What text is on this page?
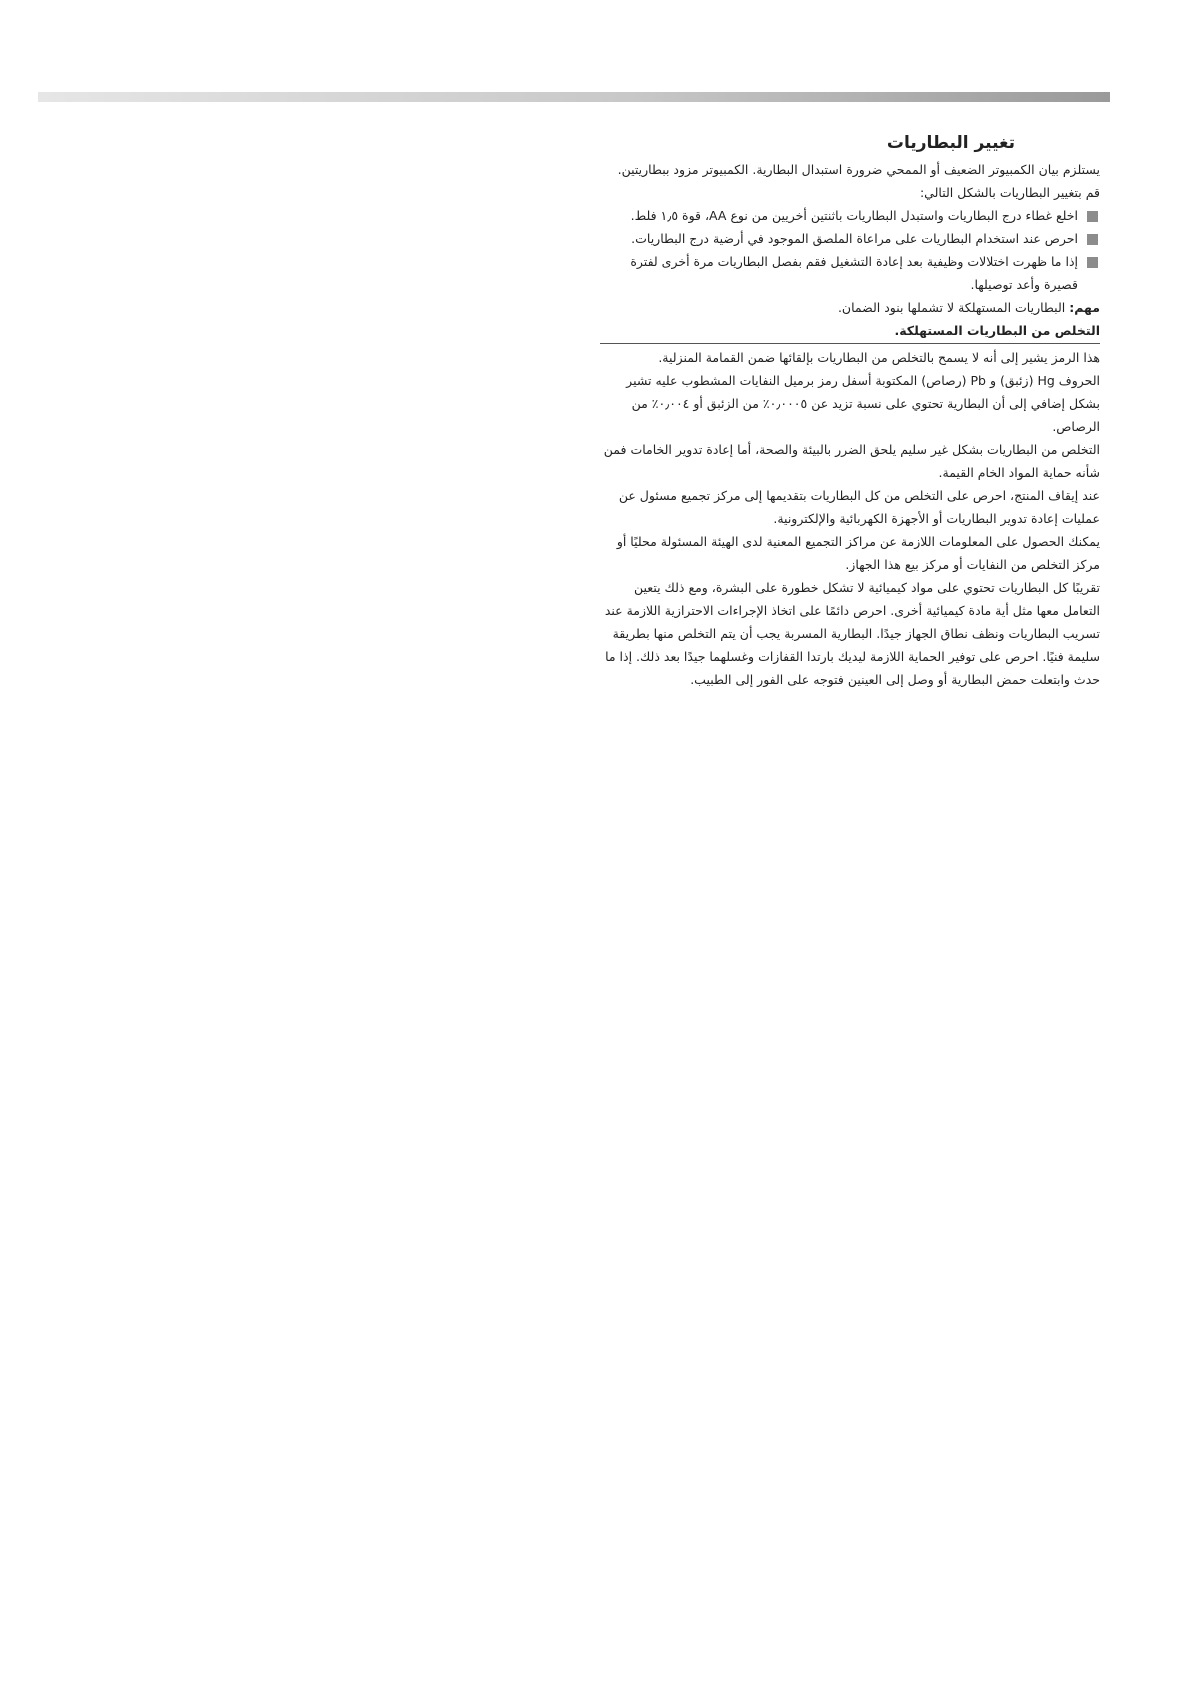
تغيير البطاريات

يستلزم بيان الكمبيوتر الضعيف أو الممحي ضرورة استبدال البطارية. الكمبيوتر مزود ببطاريتين.

قم بتغيير البطاريات بالشكل التالي:

اخلع غطاء درج البطاريات واستبدل البطاريات باثنتين أخريين من نوع AA، قوة ١٫٥ فلط.
احرص عند استخدام البطاريات على مراعاة الملصق الموجود في أرضية درج البطاريات.
إذا ما ظهرت اختلالات وظيفية بعد إعادة التشغيل فقم بفصل البطاريات مرة أخرى لفترة قصيرة وأعد توصيلها.

مهم: البطاريات المستهلكة لا تشملها بنود الضمان.

التخلص من البطاريات المستهلكة.

هذا الرمز يشير إلى أنه لا يسمح بالتخلص من البطاريات بإلقائها ضمن القمامة المنزلية.

الحروف Hg (زئبق) و Pb (رصاص) المكتوبة أسفل رمز برميل النفايات المشطوب عليه تشير بشكل إضافي إلى أن البطارية تحتوي على نسبة تزيد عن ٠٫٠٠٠٥٪ من الزئبق أو ٠٫٠٠٤٪ من الرصاص.

التخلص من البطاريات بشكل غير سليم يلحق الضرر بالبيئة والصحة، أما إعادة تدوير الخامات فمن شأنه حماية المواد الخام القيمة.

عند إيقاف المنتج، احرص على التخلص من كل البطاريات بتقديمها إلى مركز تجميع مسئول عن عمليات إعادة تدوير البطاريات أو الأجهزة الكهربائية والإلكترونية.

يمكنك الحصول على المعلومات اللازمة عن مراكز التجميع المعنية لدى الهيئة المسئولة محليًا أو مركز التخلص من النفايات أو مركز بيع هذا الجهاز.

تقريبًا كل البطاريات تحتوي على مواد كيميائية لا تشكل خطورة على البشرة، ومع ذلك يتعين التعامل معها مثل أية مادة كيميائية أخرى. احرص دائمًا على اتخاذ الإجراءات الاحترازية اللازمة عند تسريب البطاريات ونظف نطاق الجهاز جيدًا. البطارية المسربة يجب أن يتم التخلص منها بطريقة سليمة فنيًا. احرص على توفير الحماية اللازمة ليديك بارتدا القفازات وغسلهما جيدًا بعد ذلك. إذا ما حدث وابتعلت حمض البطارية أو وصل إلى العينين فتوجه على الفور إلى الطبيب.
